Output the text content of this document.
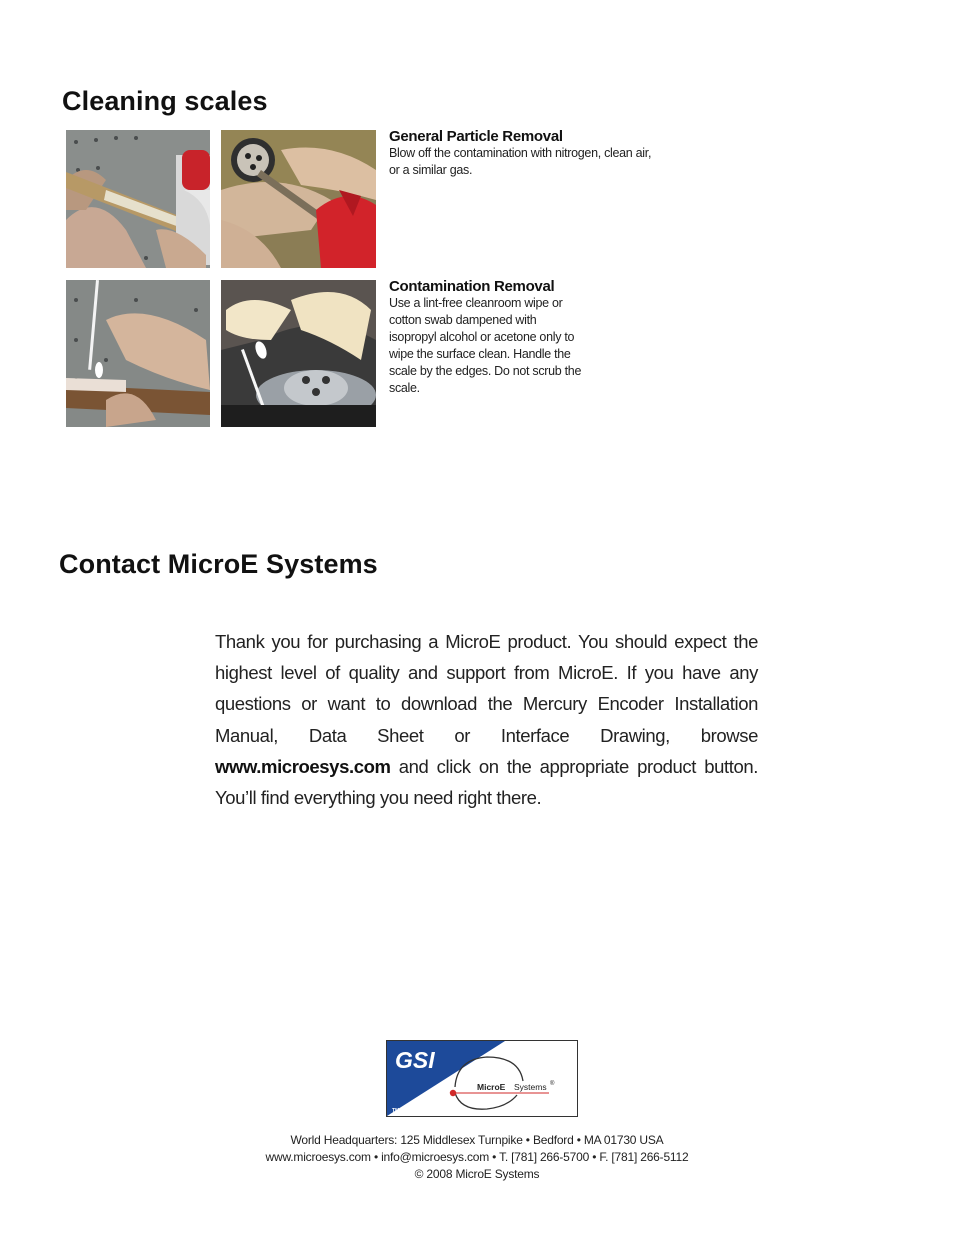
Cleaning scales
General Particle Removal
Blow off the contamination with nitrogen, clean air,
or a similar gas.
Contamination Removal
Use a lint-free cleanroom wipe or
cotton swab dampened with
isopropyl alcohol or acetone only to
wipe the surface clean. Handle the
scale by the edges. Do not scrub the
scale.
Contact MicroE Systems
Thank you for purchasing a MicroE product. You should expect the highest level of quality and support from MicroE. If you have any questions or want to download the Mercury Encoder Installation Manual, Data Sheet or Interface Drawing, browse www.microesys.com and click on the appropriate product button. You’ll find everything you need right there.
GSI
TM
MicroE Systems ®
World Headquarters: 125 Middlesex Turnpike • Bedford • MA 01730 USA
www.microesys.com • info@microesys.com • T. [781] 266-5700 • F. [781] 266-5112
© 2008 MicroE Systems
